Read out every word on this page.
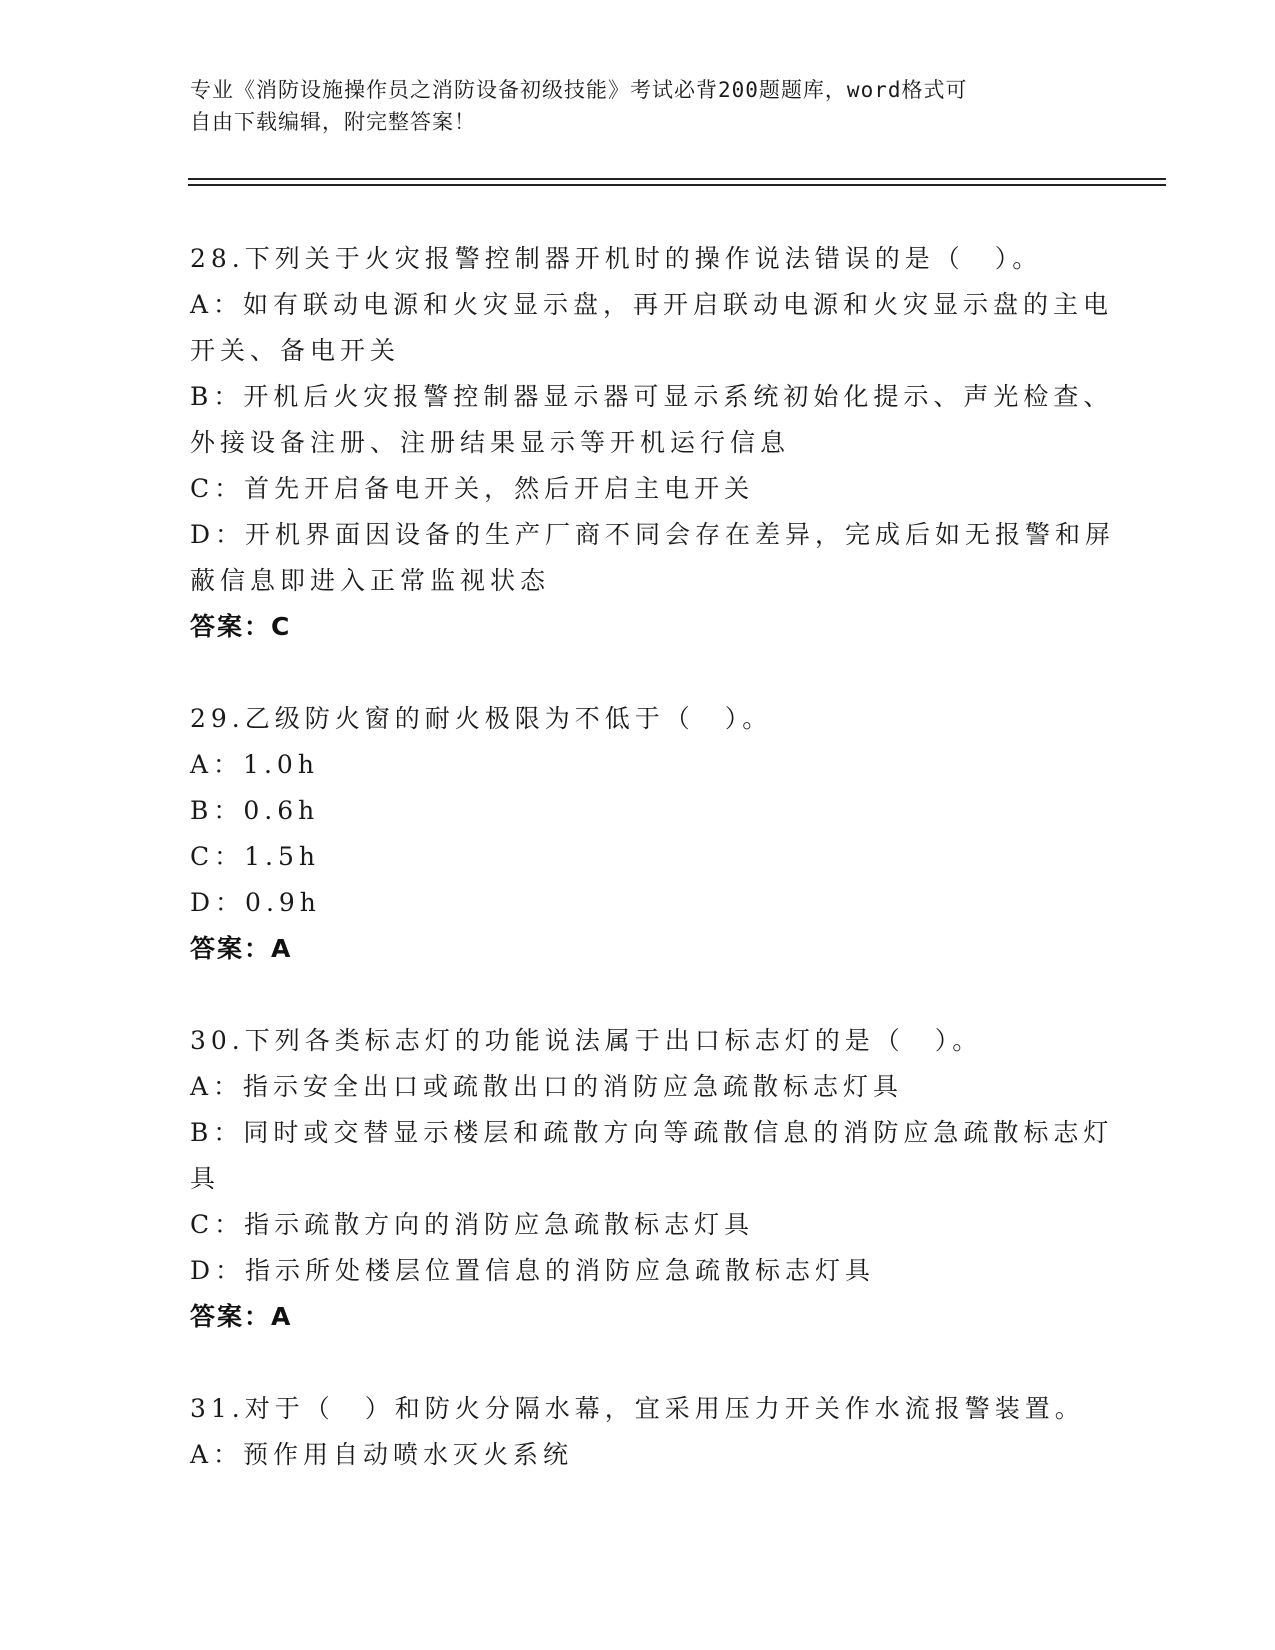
专业《消防设施操作员之消防设备初级技能》考试必背200题题库，word格式可
自由下载编辑，附完整答案！
28.下列关于火灾报警控制器开机时的操作说法错误的是（　）。
A：如有联动电源和火灾显示盘，再开启联动电源和火灾显示盘的主电
开关、备电开关
B：开机后火灾报警控制器显示器可显示系统初始化提示、声光检查、
外接设备注册、注册结果显示等开机运行信息
C：首先开启备电开关，然后开启主电开关
D：开机界面因设备的生产厂商不同会存在差异，完成后如无报警和屏
蔽信息即进入正常监视状态
答案：C
29.乙级防火窗的耐火极限为不低于（　）。
A：1.0h
B：0.6h
C：1.5h
D：0.9h
答案：A
30.下列各类标志灯的功能说法属于出口标志灯的是（　）。
A：指示安全出口或疏散出口的消防应急疏散标志灯具
B：同时或交替显示楼层和疏散方向等疏散信息的消防应急疏散标志灯
具
C：指示疏散方向的消防应急疏散标志灯具
D：指示所处楼层位置信息的消防应急疏散标志灯具
答案：A
31.对于（　）和防火分隔水幕，宜采用压力开关作水流报警装置。
A：预作用自动喷水灭火系统
